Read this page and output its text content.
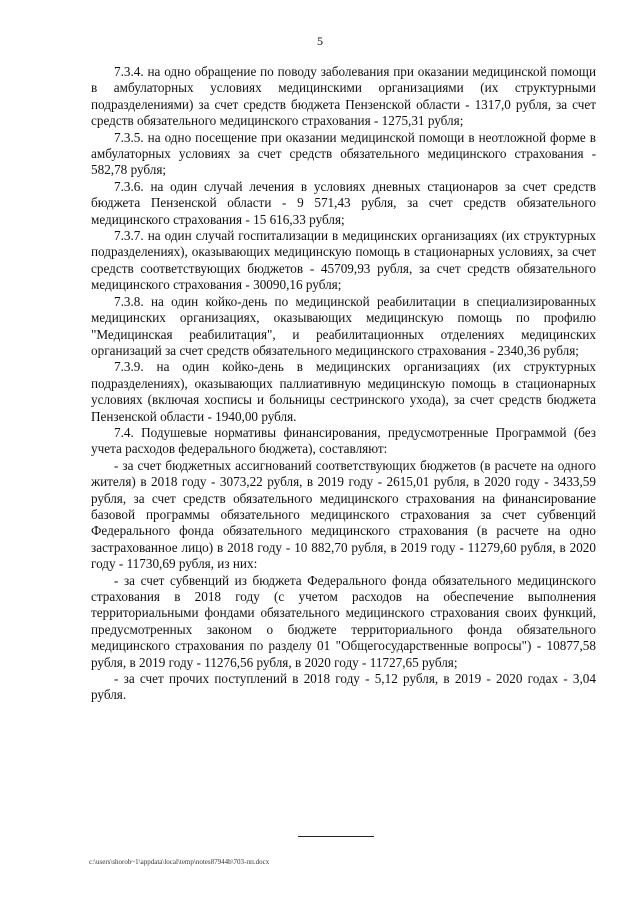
5

7.3.4. на одно обращение по поводу заболевания при оказании медицинской помощи в амбулаторных условиях медицинскими организациями (их структурными подразделениями) за счет средств бюджета Пензенской области - 1317,0 рубля, за счет средств обязательного медицинского страхования - 1275,31 рубля;

7.3.5. на одно посещение при оказании медицинской помощи в неотложной форме в амбулаторных условиях за счет средств обязательного медицинского страхования - 582,78 рубля;

7.3.6. на один случай лечения в условиях дневных стационаров за счет средств бюджета Пензенской области - 9 571,43 рубля, за счет средств обязательного медицинского страхования - 15 616,33 рубля;

7.3.7. на один случай госпитализации в медицинских организациях (их структурных подразделениях), оказывающих медицинскую помощь в стационарных условиях, за счет средств соответствующих бюджетов - 45709,93 рубля, за счет средств обязательного медицинского страхования - 30090,16 рубля;

7.3.8. на один койко-день по медицинской реабилитации в специализированных медицинских организациях, оказывающих медицинскую помощь по профилю "Медицинская реабилитация", и реабилитационных отделениях медицинских организаций за счет средств обязательного медицинского страхования - 2340,36 рубля;

7.3.9. на один койко-день в медицинских организациях (их структурных подразделениях), оказывающих паллиативную медицинскую помощь в стационарных условиях (включая хосписы и больницы сестринского ухода), за счет средств бюджета Пензенской области - 1940,00 рубля.

7.4. Подушевые нормативы финансирования, предусмотренные Программой (без учета расходов федерального бюджета), составляют:

- за счет бюджетных ассигнований соответствующих бюджетов (в расчете на одного жителя) в 2018 году - 3073,22 рубля, в 2019 году - 2615,01 рубля, в 2020 году - 3433,59 рубля, за счет средств обязательного медицинского страхования на финансирование базовой программы обязательного медицинского страхования за счет субвенций Федерального фонда обязательного медицинского страхования (в расчете на одно застрахованное лицо) в 2018 году - 10 882,70 рубля, в 2019 году - 11279,60 рубля, в 2020 году - 11730,69 рубля, из них:

- за счет субвенций из бюджета Федерального фонда обязательного медицинского страхования в 2018 году (с учетом расходов на обеспечение выполнения территориальными фондами обязательного медицинского страхования своих функций, предусмотренных законом о бюджете территориального фонда обязательного медицинского страхования по разделу 01 "Общегосударственные вопросы") - 10877,58 рубля, в 2019 году - 11276,56 рубля, в 2020 году - 11727,65 рубля;

- за счет прочих поступлений в 2018 году - 5,12 рубля, в 2019 - 2020 годах - 3,04 рубля.

c:\users\shorob~1\appdata\local\temp\notes87944b\703-пп.docx
